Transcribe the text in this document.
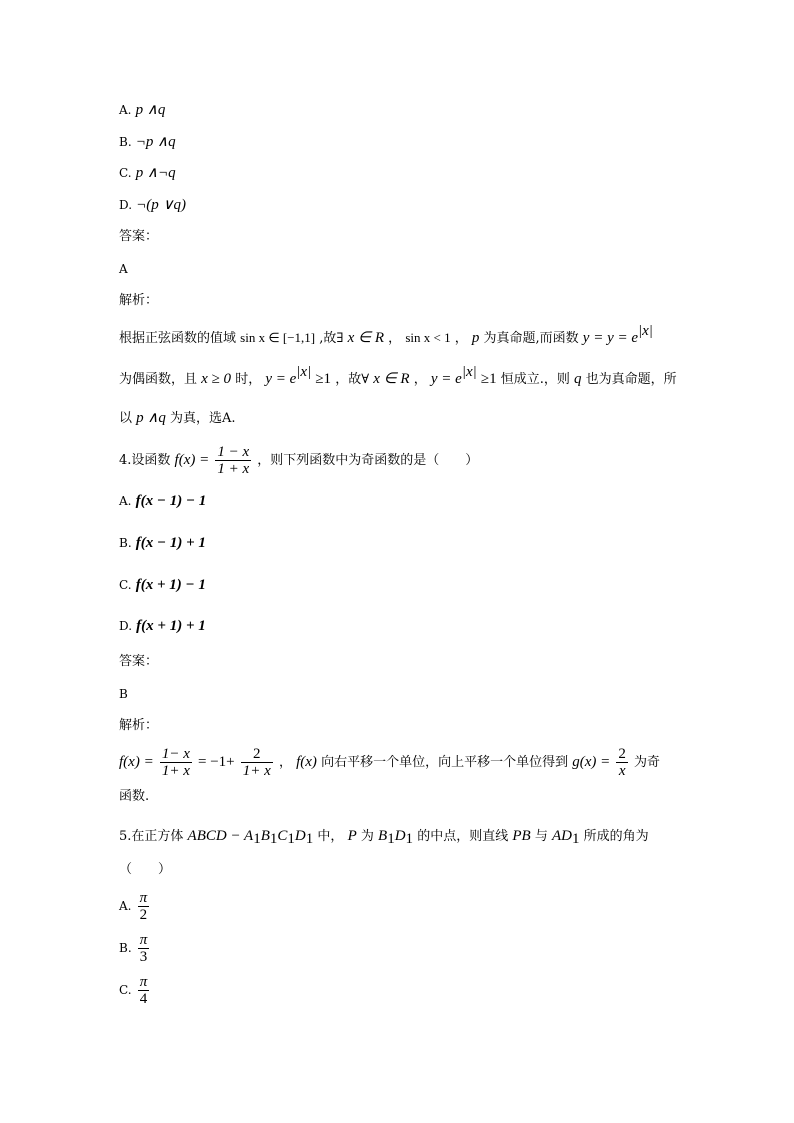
A. p ∧q
B. ¬p ∧q
C. p ∧¬q
D. ¬(p ∨q)
答案：
A
解析：
根据正弦函数的值域 sin x ∈ [−1,1] ,故∃ x ∈ R ， sin x < 1 ， p 为真命题,而函数 $y = y = e^{|x|}$
为偶函数，且 x ≥ 0 时， $y = e^{|x|} \ge 1$ ，故∀ x ∈ R ， $y = e^{|x|} \ge 1$ 恒成立.，则 q 也为真命题，所
以 p ∧q 为真，选A.
4.设函数 $f(x) = \frac{1 - x}{1 + x}$ ，则下列函数中为奇函数的是（　　）
A. f(x − 1) − 1
B. f(x − 1) + 1
C. f(x + 1) − 1
D. f(x + 1) + 1
答案：
B
解析：
$f(x) = \frac{1- x}{1+ x} = -1+ \frac{2}{1+ x}$ ， f(x) 向右平移一个单位，向上平移一个单位得到 $g(x) = \frac{2}{x}$ 为奇
函数.
5.在正方体 ABCD − $A_1B_1C_1D_1$ 中， P 为 $B_1D_1$ 的中点，则直线 PB 与 $AD_1$ 所成的角为
（　　）
A. $\frac{\pi}{2}$
B. $\frac{\pi}{3}$
C. $\frac{\pi}{4}$
